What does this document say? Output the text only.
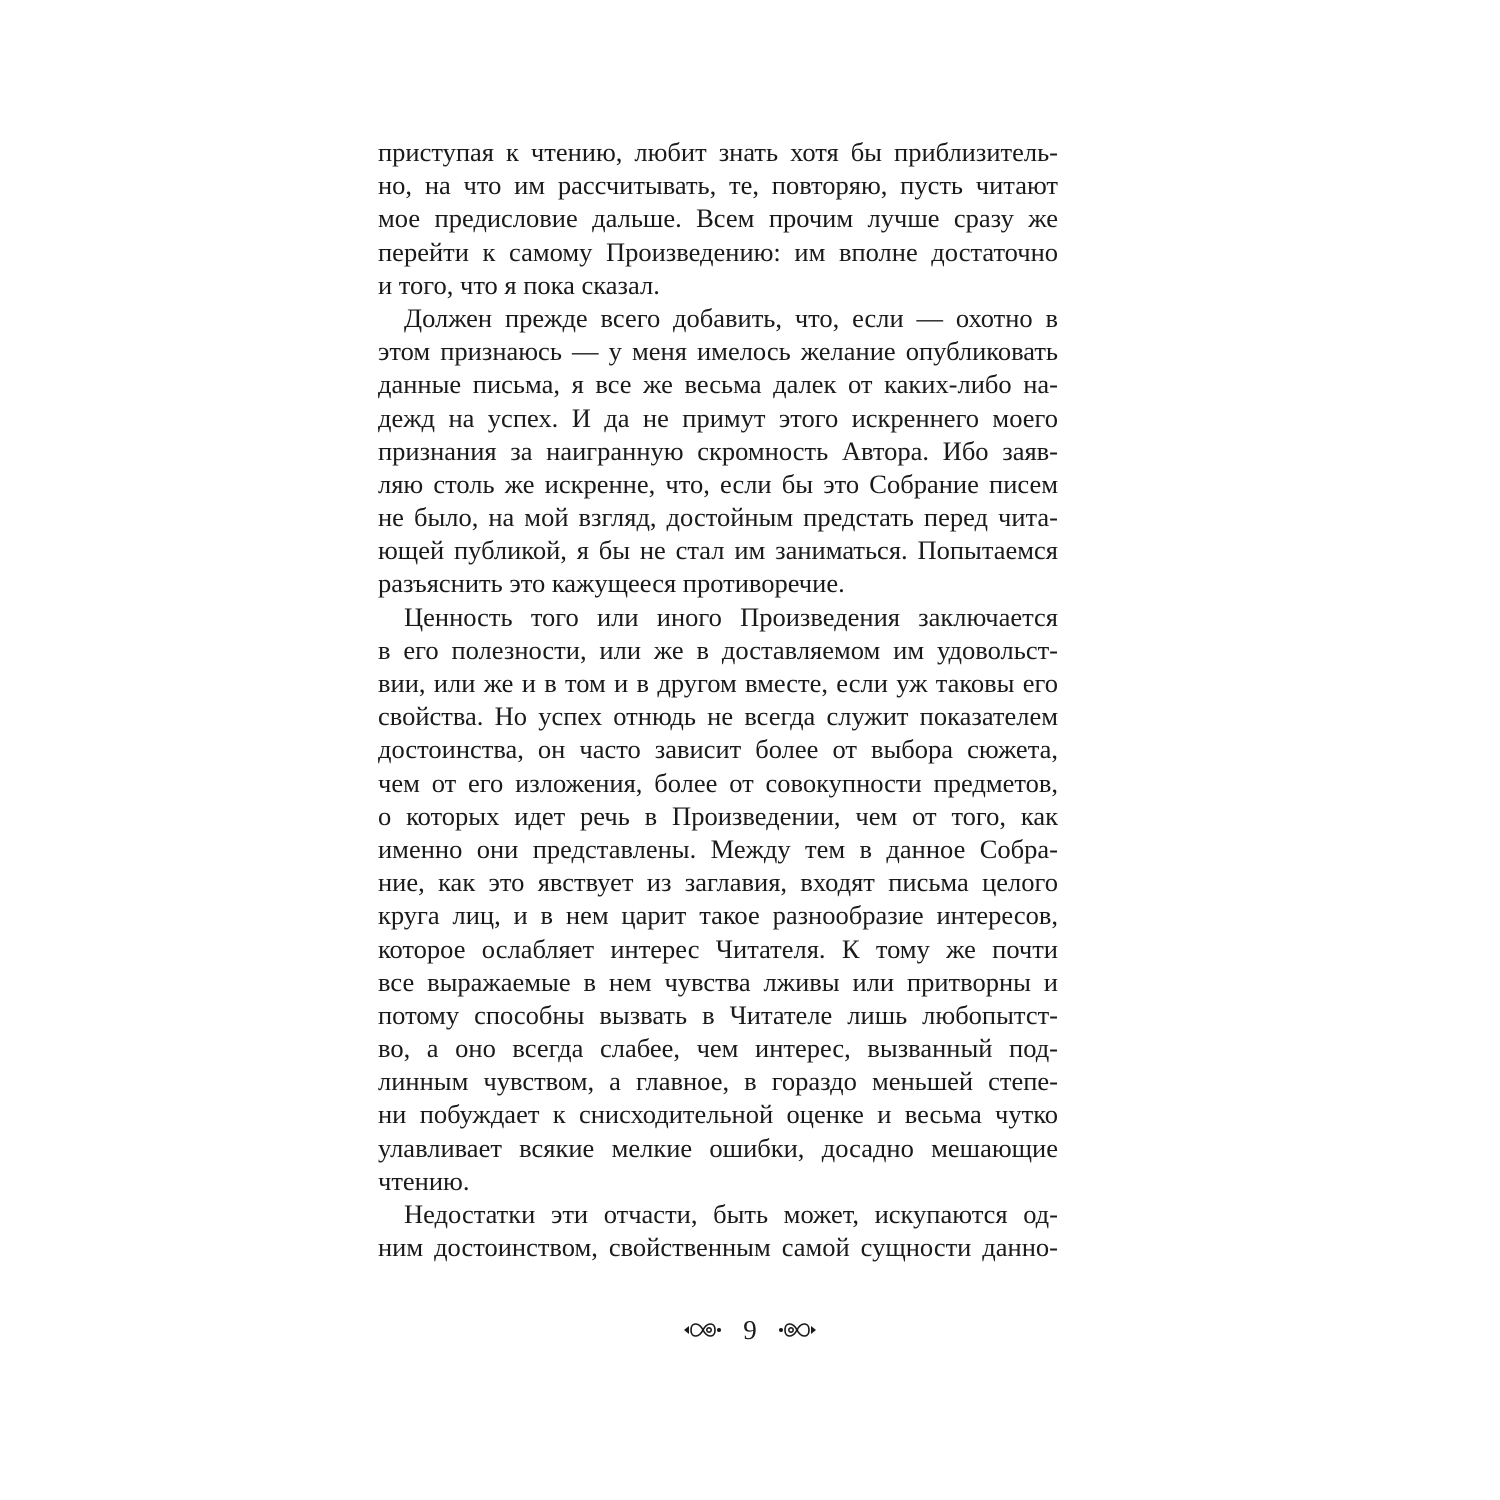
приступая к чтению, любит знать хотя бы приблизитель-
но, на что им рассчитывать, те, повторяю, пусть читают
мое предисловие дальше. Всем прочим лучше сразу же
перейти к самому Произведению: им вполне достаточно
и того, что я пока сказал.
Должен прежде всего добавить, что, если — охотно в
этом признаюсь — у меня имелось желание опубликовать
данные письма, я все же весьма далек от каких-либо на-
дежд на успех. И да не примут этого искреннего моего
признания за наигранную скромность Автора. Ибо заяв-
ляю столь же искренне, что, если бы это Собрание писем
не было, на мой взгляд, достойным предстать перед чита-
ющей публикой, я бы не стал им заниматься. Попытаемся
разъяснить это кажущееся противоречие.
Ценность того или иного Произведения заключается
в его полезности, или же в доставляемом им удовольст-
вии, или же и в том и в другом вместе, если уж таковы его
свойства. Но успех отнюдь не всегда служит показателем
достоинства, он часто зависит более от выбора сюжета,
чем от его изложения, более от совокупности предметов,
о которых идет речь в Произведении, чем от того, как
именно они представлены. Между тем в данное Собра-
ние, как это явствует из заглавия, входят письма целого
круга лиц, и в нем царит такое разнообразие интересов,
которое ослабляет интерес Читателя. К тому же почти
все выражаемые в нем чувства лживы или притворны и
потому способны вызвать в Читателе лишь любопытст-
во, а оно всегда слабее, чем интерес, вызванный под-
линным чувством, а главное, в гораздо меньшей степе-
ни побуждает к снисходительной оценке и весьма чутко
улавливает всякие мелкие ошибки, досадно мешающие
чтению.
Недостатки эти отчасти, быть может, искупаются од-
ним достоинством, свойственным самой сущности данно-
9
